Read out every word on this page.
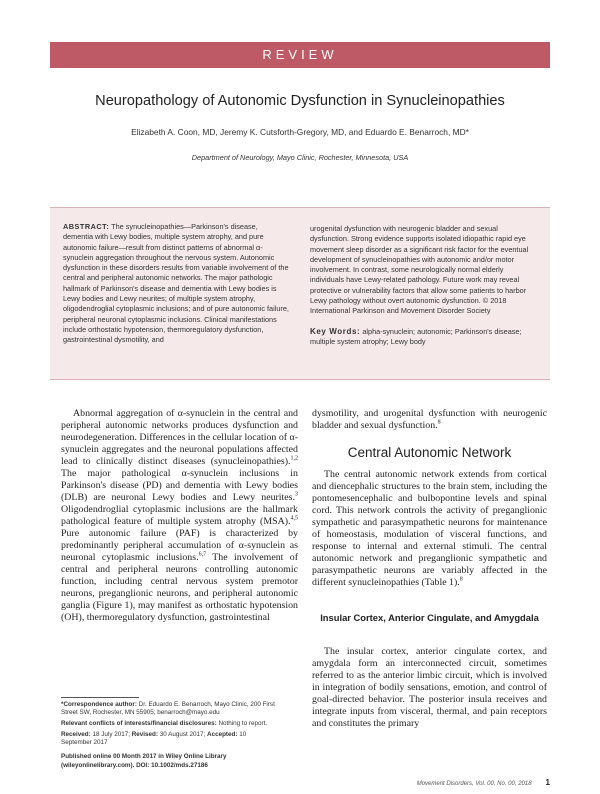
REVIEW
Neuropathology of Autonomic Dysfunction in Synucleinopathies
Elizabeth A. Coon, MD, Jeremy K. Cutsforth-Gregory, MD, and Eduardo E. Benarroch, MD*
Department of Neurology, Mayo Clinic, Rochester, Minnesota, USA
ABSTRACT: The synucleinopathies—Parkinson's disease, dementia with Lewy bodies, multiple system atrophy, and pure autonomic failure—result from distinct patterns of abnormal α-synuclein aggregation throughout the nervous system. Autonomic dysfunction in these disorders results from variable involvement of the central and peripheral autonomic networks. The major pathologic hallmark of Parkinson's disease and dementia with Lewy bodies is Lewy bodies and Lewy neurites; of multiple system atrophy, oligodendroglial cytoplasmic inclusions; and of pure autonomic failure, peripheral neuronal cytoplasmic inclusions. Clinical manifestations include orthostatic hypotension, thermoregulatory dysfunction, gastrointestinal dysmotility, and
urogenital dysfunction with neurogenic bladder and sexual dysfunction. Strong evidence supports isolated idiopathic rapid eye movement sleep disorder as a significant risk factor for the eventual development of synucleinopathies with autonomic and/or motor involvement. In contrast, some neurologically normal elderly individuals have Lewy-related pathology. Future work may reveal protective or vulnerability factors that allow some patients to harbor Lewy pathology without overt autonomic dysfunction. © 2018 International Parkinson and Movement Disorder Society
Key Words: alpha-synuclein; autonomic; Parkinson's disease; multiple system atrophy; Lewy body
Abnormal aggregation of α-synuclein in the central and peripheral autonomic networks produces dysfunction and neurodegeneration. Differences in the cellular location of α-synuclein aggregates and the neuronal populations affected lead to clinically distinct diseases (synucleinopathies).$^{1,2}$ The major pathological α-synuclein inclusions in Parkinson's disease (PD) and dementia with Lewy bodies (DLB) are neuronal Lewy bodies and Lewy neurites.$^3$ Oligodendroglial cytoplasmic inclusions are the hallmark pathological feature of multiple system atrophy (MSA).$^{4,5}$ Pure autonomic failure (PAF) is characterized by predominantly peripheral accumulation of α-synuclein as neuronal cytoplasmic inclusions.$^{6,7}$ The involvement of central and peripheral neurons controlling autonomic function, including central nervous system premotor neurons, preganglionic neurons, and peripheral autonomic ganglia (Figure 1), may manifest as orthostatic hypotension (OH), thermoregulatory dysfunction, gastrointestinal
dysmotility, and urogenital dysfunction with neurogenic bladder and sexual dysfunction.$^8$
Central Autonomic Network
The central autonomic network extends from cortical and diencephalic structures to the brain stem, including the pontomesencephalic and bulbopontine levels and spinal cord. This network controls the activity of preganglionic sympathetic and parasympathetic neurons for maintenance of homeostasis, modulation of visceral functions, and response to internal and external stimuli. The central autonomic network and preganglionic sympathetic and parasympathetic neurons are variably affected in the different synucleinopathies (Table 1).$^8$
Insular Cortex, Anterior Cingulate, and Amygdala
The insular cortex, anterior cingulate cortex, and amygdala form an interconnected circuit, sometimes referred to as the anterior limbic circuit, which is involved in integration of bodily sensations, emotion, and control of goal-directed behavior. The posterior insula receives and integrate inputs from visceral, thermal, and pain receptors and constitutes the primary

*Correspondence author: Dr. Eduardo E. Benarroch, Mayo Clinic, 200 First Street SW, Rochester, MN 55905; benarroch@mayo.edu

Relevant conflicts of interests/financial disclosures: Nothing to report.

Received: 18 July 2017; Revised: 30 August 2017; Accepted: 10 September 2017

Published online 00 Month 2017 in Wiley Online Library (wileyonlinelibrary.com). DOI: 10.1002/mds.27186

Movement Disorders, Vol. 00, No. 00, 2018 1
